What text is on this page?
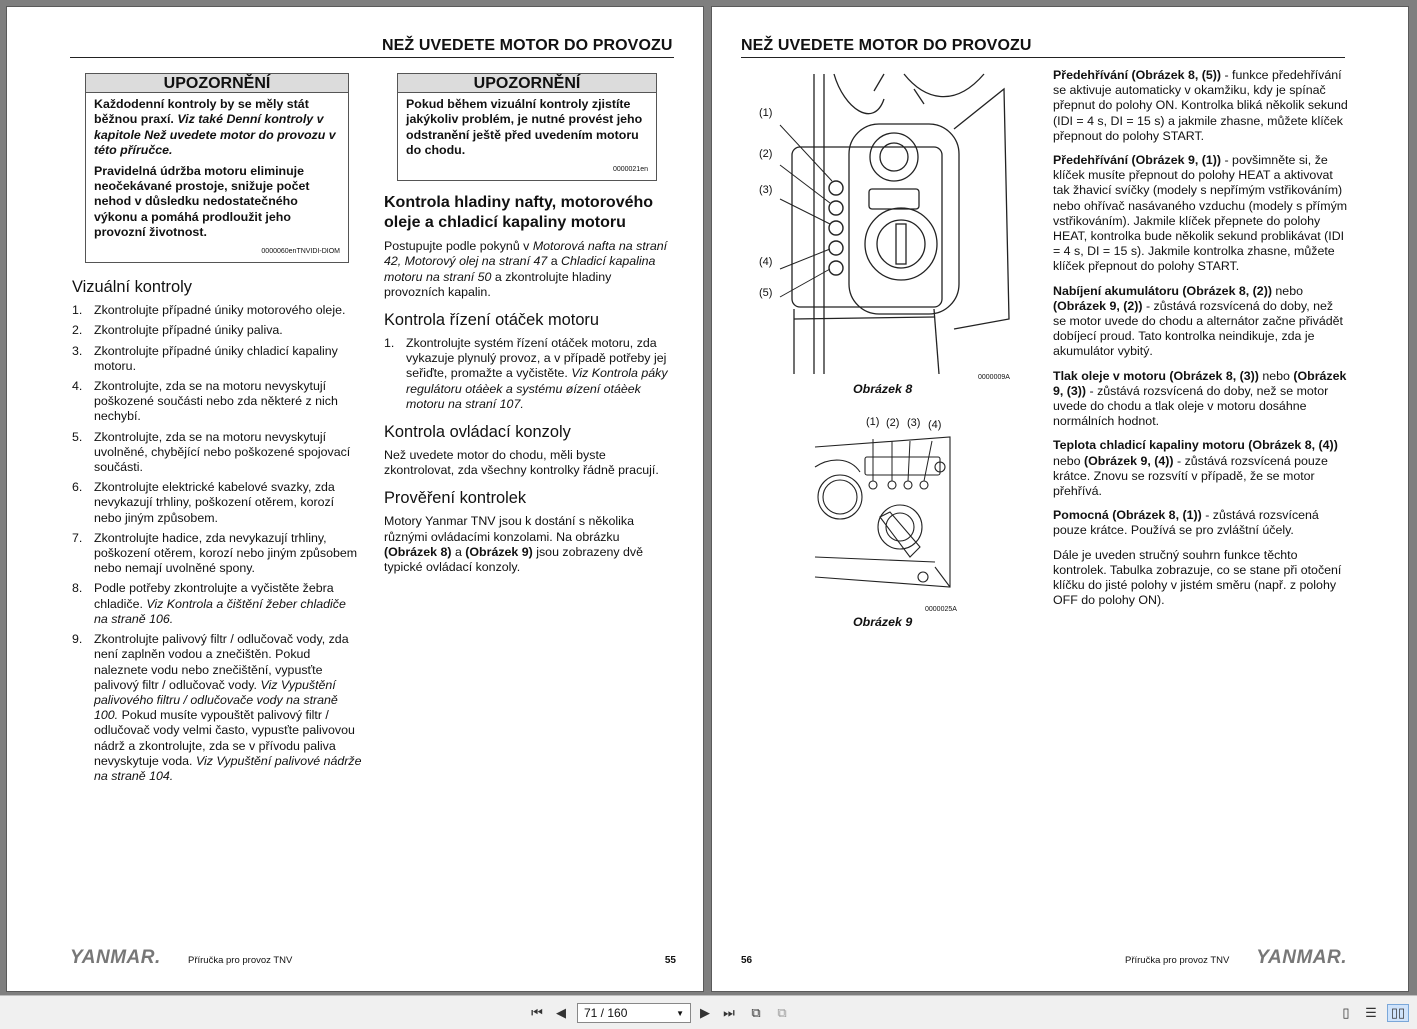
NEŽ UVEDETE MOTOR DO PROVOZU
UPOZORNĚNÍ

Každodenní kontroly by se měly stát běžnou praxí. Viz také Denní kontroly v kapitole Než uvedete motor do provozu v této příručce.

Pravidelná údržba motoru eliminuje neočekávané prostoje, snižuje počet nehod v důsledku nedostatečného výkonu a pomáhá prodloužit jeho provozní životnost.

0000060enTNVIDI-DIOM
Vizuální kontroly
1. Zkontrolujte případné úniky motorového oleje.
2. Zkontrolujte případné úniky paliva.
3. Zkontrolujte případné úniky chladicí kapaliny motoru.
4. Zkontrolujte, zda se na motoru nevyskytují poškozené součásti nebo zda některé z nich nechybí.
5. Zkontrolujte, zda se na motoru nevyskytují uvolněné, chybějící nebo poškozené spojovací součásti.
6. Zkontrolujte elektrické kabelové svazky, zda nevykazují trhliny, poškození otěrem, korozí nebo jiným způsobem.
7. Zkontrolujte hadice, zda nevykazují trhliny, poškození otěrem, korozí nebo jiným způsobem nebo nemají uvolněné spony.
8. Podle potřeby zkontrolujte a vyčistěte žebra chladiče. Viz Kontrola a čištění žeber chladiče na straně 106.
9. Zkontrolujte palivový filtr / odlučovač vody, zda není zaplněn vodou a znečištěn. Pokud naleznete vodu nebo znečištění, vypusťte palivový filtr / odlučovač vody. Viz Vypuštění palivového filtru / odlučovače vody na straně 100. Pokud musíte vypouštět palivový filtr / odlučovač vody velmi často, vypusťte palivovou nádrž a zkontrolujte, zda se v přívodu paliva nevyskytuje voda. Viz Vypuštění palivové nádrže na straně 104.
UPOZORNĚNÍ

Pokud během vizuální kontroly zjistíte jakýkoliv problém, je nutné provést jeho odstranění ještě před uvedením motoru do chodu.

0000021en
Kontrola hladiny nafty, motorového oleje a chladicí kapaliny motoru

Postupujte podle pokynů v Motorová nafta na straní 42, Motorový olej na straní 47 a Chladicí kapalina motoru na straní 50 a zkontrolujte hladiny provozních kapalin.

Kontrola řízení otáček motoru
1. Zkontrolujte systém řízení otáček motoru, zda vykazuje plynulý provoz, a v případě potřeby jej seřiďte, promažte a vyčistěte. Viz Kontrola páky regulátoru otáèek a systému øízení otáèek motoru na straní 107.
Kontrola ovládací konzoly

Než uvedete motor do chodu, měli byste zkontrolovat, zda všechny kontrolky řádně pracují.

Prověření kontrolek

Motory Yanmar TNV jsou k dostání s několika různými ovládacími konzolami. Na obrázku (Obrázek 8) a (Obrázek 9) jsou zobrazeny dvě typické ovládací konzoly.

YANMAR.	Příručka pro provoz TNV	55
NEŽ UVEDETE MOTOR DO PROVOZU
(1)
(2)
(3)
(4)
(5)
0000009A
Obrázek 8
(1) (2) (3) (4)
0000025A
Obrázek 9

Předehřívání (Obrázek 8, (5)) - funkce předehřívání se aktivuje automaticky v okamžiku, kdy je spínač přepnut do polohy ON. Kontrolka bliká několik sekund (IDI = 4 s, DI = 15 s) a jakmile zhasne, můžete klíček přepnout do polohy START.

Předehřívání (Obrázek 9, (1)) - povšimněte si, že klíček musíte přepnout do polohy HEAT a aktivovat tak žhavicí svíčky (modely s nepřímým vstřikováním) nebo ohřívač nasávaného vzduchu (modely s přímým vstřikováním). Jakmile klíček přepnete do polohy HEAT, kontrolka bude několik sekund problikávat (IDI = 4 s, DI = 15 s). Jakmile kontrolka zhasne, můžete klíček přepnout do polohy START.

Nabíjení akumulátoru (Obrázek 8, (2)) nebo (Obrázek 9, (2)) - zůstává rozsvícená do doby, než se motor uvede do chodu a alternátor začne přivádět dobíjecí proud. Tato kontrolka neindikuje, zda je akumulátor vybitý.

Tlak oleje v motoru (Obrázek 8, (3)) nebo (Obrázek 9, (3)) - zůstává rozsvícená do doby, než se motor uvede do chodu a tlak oleje v motoru dosáhne normálních hodnot.

Teplota chladicí kapaliny motoru (Obrázek 8, (4)) nebo (Obrázek 9, (4)) - zůstává rozsvícená pouze krátce. Znovu se rozsvítí v případě, že se motor přehřívá.

Pomocná (Obrázek 8, (1)) - zůstává rozsvícená pouze krátce. Používá se pro zvláštní účely.

Dále je uveden stručný souhrn funkce těchto kontrolek. Tabulka zobrazuje, co se stane při otočení klíčku do jisté polohy v jistém směru (např. z polohy OFF do polohy ON).

56	Příručka pro provoz TNV YANMAR.
⏮ ◀ 71 / 160	▼ ▶ ⏭	⧉	⧉	▯	☰ ▯▯
